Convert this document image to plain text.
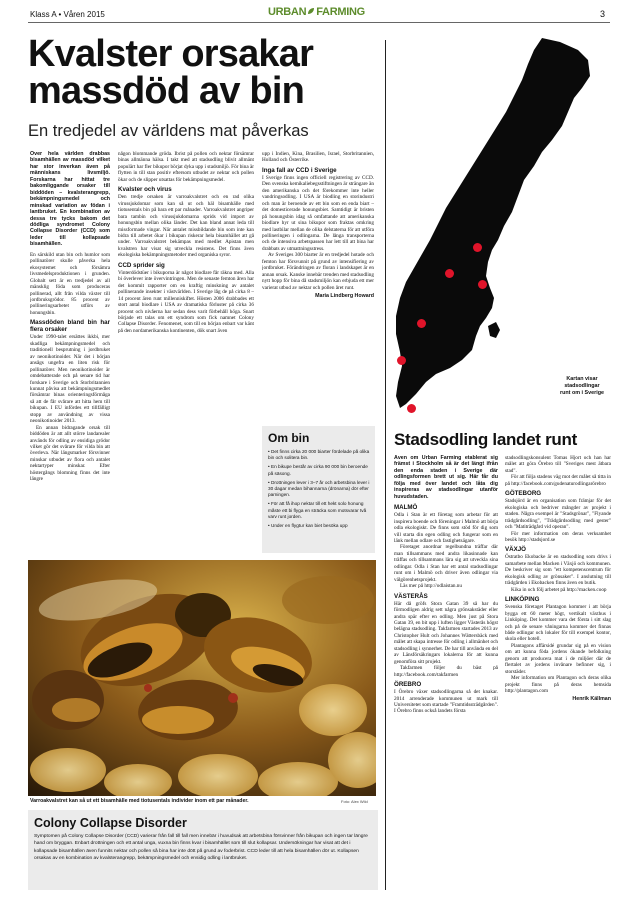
Klass A • Våren 2015	URBAN FARMING	3
Kvalster orsakar
massdöd av bin
En tredjedel av världens mat påverkas

Över hela världen drabbas bisamhällen av massdöd vilket har stor inverkan även på människans livsmiljö. Forskarna har hittat tre bakomliggande orsaker till biddöden – kvalsterangrepp, bekämpningsmedel och minskad variation av födan i lantbruket. En kombination av dessa tre tycks bakom det dödliga syndromet Colony Collapse Disorder (CCD) som leder till kollapsade bisamhällen.

En särskild utan bin och humlor som pollinatörer skulle påverka hela ekosystemet och försämra livsmedelsproduktionen i grunden. Globalt sett är en tredjedel av all mänsklig föda som produceras pollinerad, allt från vilda växter till jordbruksgrödor. 85 procent av pollineringsarbetet utförs av honungsbin.

Massdöden bland bin har flera orsaker

Under 1990-talet ersättes ikkbi, mer skadliga bekämpningsmedel och traditionell besprutning i jordbruket av neonikotinoider. När det i början ansågs ungefra en liten risk för pollinatörer. Men neonikotinoider är omdebatterade och på senare tid har forskare i Sverige och Storbritannien kunnat påvisa att bekämpningsmedlet försämrar binas orienteringsförmåga så att de får svårare att hitta hem till bikupan. I EU infördes ett tillfälligt stopp av användning av vissa neonikotinoider 2013.

En annan bidragande orsak till biddöden är att allt större landarealer används för odling av ensidiga grödor vilket gör det svårare för vilda bin att överleva. När längsmarker försvinner minskar utbudet av flora och antalet nektartyper minskar. Efter höstergångs blomning finns det inte längre

någon blommande gröda. Ibrist på pollen och nektar försämrar binas allmänna hälsa. I takt med att stadsodling blivit allmänt populärt har fler bikupor börjat dyka upp i stadsmiljö. För bina är flytten in till stan positiv eftersom utbudet av nektar och pollen ökar och de slipper utsattas för bekämpningsmedel.

Kvalster och virus

Den tredje orsaken är varroakvalstret och en rad olika virussjukdomar som kan så ut och häl bisamhälle med tiotusentals bin på bara ett par månader. Varroakvalstret angriper bara tambin och virussjukdomarna sprids vid import av honungsbin mellan olika länder. Det kan bland annat leda till missformade vingar. När antalet missbildande bin som inte kan bidra till arbetet ökar i bikupan riskerar hela bisamhället att gå under. Varroakvalstret bekämpas med medlet Apistan men kvalstren har visat sig utveckla resistens. Det finns även ekologiska bekämpningsmetoder med organiska syror.

CCD sprider sig

Vinterdödstüer i bikuporna är något biodlare får räkna med. Alla bi överlever inte övervintringen. Men de senaste femton åren har det kommit rapporter om en kraftig minskning av antalet pollinerande insekter i västvärlden. I Sverige låg de på cirka 8 – 14 procent ären runt millenniskiftet. Hösten 2006 drabbades ett stort antal biodlare i USA av dramatiska förluster på cirka 36 procent och nivåerna har sedan dess varit förbehåll höga. Snart började ett talas om ett syndrom som fick namnet Colony Collapse Disorder. Fenomenet, som till en början enbart var känt på den nordamerikanska kontinenten, dök snart även

upp i Indien, Kina, Brasilien, Israel, Storbritannien, Holland och Österrike.

Inga fall av CCD i Sverige

I Sverige finns ingen officiell registrering av CCD. Den svenska kemikaliebegsstiftningen är strängare än den amerikanska och det förekommer inte heller vandringsodling. I USA är biodling en storindustri och man är beroende av ett bin som en enda biart – det domesticerade honungsbiet. Samtidigt är bristen på honungsbin idag så omfattande att amerikanska biodlare hyr ut sina bikupor som fraktas omkring med lastbilar mellan de olika delstaterna för att utföra pollineringen i odlingarna. De långa transporterna och de intensiva arbetspassen har lett till att bina har drabbats av utmattningsstress.

Av Sveriges 300 biarter är en tredjedel hotade och femton har försvunnit på grund av intensifiering av jordbruket. Förändringen av floran i landskapet är en annan orsak. Kanske innebär trenden med stadsodling nytt hopp för bina då stadsmiljön kan erbjuda ett mer varierat utbud av nektar och pollen året runt.

Maria Lindberg Howard
Om bin
• Det finns cirka 20 000 biarter fördelade på olika bin och solitera bin.
• En bikupe består av cirka 90 000 bin beroende på säsong.
• Drottningen lever i 3–7 år och arbetsbina lever i 30 dagar medan bihannarna (drönarna) dör efter parningen.
• För att få ihop nektar till ett hekt solo honung måste ett bi flyga en sträcka som motsvarar två varv runt jorden.
• Under en flygtur kan biet besöka upp
Varroakvalstret kan så ut ett bisamhälle med tiotusentals individer inom ett par månader.	Foto: Alex Wild
Colony Collapse Disorder
Symptomen på Colony Collapse Disorder (CCD) varierar från fall till fall men innebär i huvudsak att arbetsbina försvinner från bikupan och ingen tar längre hand om bryggan. Enbart drottningen och ett antal unga, vuxna bin finns kvar i bisamhället som till slut kollapsar. Undersökningar har visat att det i kollapsade bisamhällen även funnits nektar och pollen så bina har inte dött på grund av foderbrist. CCD leder till att hela bisamhällen dör ut. Kollapsen orsakas av en kombination av kvalsterangrepp, bekämpningsmedel och ensidig odling i lantbruket.
Kartan visar
stadsodlingar
runt om i Sverige
Stadsodling landet runt

Även om Urban Farming etablerat sig främst i Stockholm så är det längt ifrån den enda staden i Sverige där odlingsformen brett ut sig. Här får du följa med över landet och låta dig inspireras av stadsodlingar utanför huvudstaden.

MALMÖ

Odla i Stan är ett företag som arbetar för att inspirera boende och föreningar i Malmö att börja odla ekologiskt. De finns som stöd för dig som vill starta din egen odling och fungerar som en länk mellan odlare och fastighetsägare.

Företaget anordnar regelbundna träffar där man tillsammans med andra likasinnade kan träffas och tillsammans lära sig att utveckla sina odlingar. Odla i Stan har ett antal stadsodlingar runt om i Malmö och driver även odlingar via välgörenhetsprojekt.

Läs mer på http://odlaistan.nu

VÄSTERÅS

Här då gröfs Stora Gatan 39 så har du förmodligen aldrig sett några grönsakstäder eller andra spär efter en odling. Men just på Stora Gatan 39, en bit upp i luften ligger Västerås högst belägna stadsodling. Takfarmen startades 2013 av Christopher Hult och Johannes Wättersbäck med målet att skapa intresse för odling i allmänhet och stadsodling i synnerhet. De har till använda en del av Länsförsäkringars lokalerna för att kunna genomföra sitt projekt.

Takfarmen följer du bäst på http://facebook.com/takfarmen

ÖREBRO

I Örebro växer stadsodlingarna så det knakar. 2014 arrenderade kommunen ut mark till Universitetet som startade "Framtidssträdgården". I Örebro finns också landets första

stadsodlingskonsulent Tomas Hjort och han har målet att göra Örebro till "Sveriges mest ätbara stad".

För att följa stadens väg mot det målet så titta in på http://facebook.com/gudenaturodlingarörebro

GÖTEBORG

Stadsjörd är en organisation som främjar för det ekologiska och bedriver mångder av projekt i staden. Några exempel är "Stadsgrönar", "Flyande trädgårdsodling", "Trädgårdsodling med gester" och "Matiträdgård vid operan".

För mer information om deras verksamhet besök http://stadsjord.se

VÄXJÖ

Östratbo Ekobacke är en stadsodling som drivs i samarbete mellan Macken i Växjö och kommunen. De beskriver sig som "ett kompetenscentrum för ekologisk odling av grönsaker". I anslutning till trädgården i Ekobacken finns även en butik.

Kika in och följ arbetet på http://macken.coop

LINKÖPING

Svenska företaget Plantagon kommer i att börja bygga ett 60 meter högt, vertikalt växthus i Linköping. Det kommer vara det första i sitt slag och på de senare våningarna kommer det finnas både odlingar och lokaler för till exempel kontor, skola eller hotell.

Plantagons affärsidé grundar sig på en vision om att kunna föda jordens ökande befolkning genom att producera mat i de miljöer där de flertalet av jordens invånare befinner sig, i storstäder.

Mer information om Plantagon och deras olika projekt finns på deras hemsida http://plantagon.com

Henrik Källman
